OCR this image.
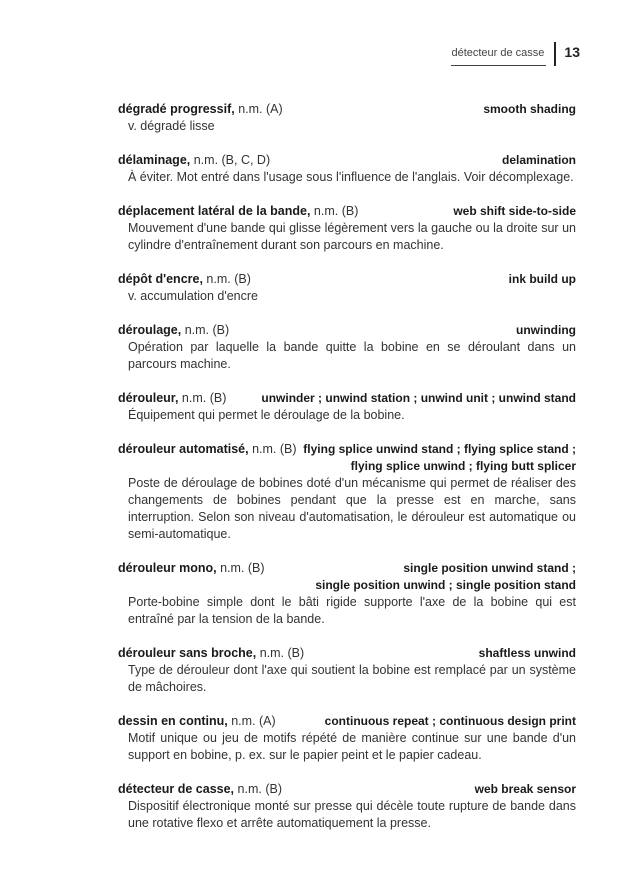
détecteur de casse 13
dégradé progressif, n.m. (A)	smooth shading
v. dégradé lisse
délaminage, n.m. (B, C, D)	delamination
À éviter. Mot entré dans l'usage sous l'influence de l'anglais. Voir décomplexage.
déplacement latéral de la bande, n.m. (B)	web shift side-to-side
Mouvement d'une bande qui glisse légèrement vers la gauche ou la droite sur un cylindre d'entraînement durant son parcours en machine.
dépôt d'encre, n.m. (B)	ink build up
v. accumulation d'encre
déroulage, n.m. (B)	unwinding
Opération par laquelle la bande quitte la bobine en se déroulant dans un parcours machine.
dérouleur, n.m. (B)	unwinder ; unwind station ; unwind unit ; unwind stand
Équipement qui permet le déroulage de la bobine.
dérouleur automatisé, n.m. (B) flying splice unwind stand ; flying splice stand ;
flying splice unwind ; flying butt splicer
Poste de déroulage de bobines doté d'un mécanisme qui permet de réaliser des changements de bobines pendant que la presse est en marche, sans interruption. Selon son niveau d'automatisation, le dérouleur est automatique ou semi-automatique.
dérouleur mono, n.m. (B)	single position unwind stand ;
single position unwind ; single position stand
Porte-bobine simple dont le bâti rigide supporte l'axe de la bobine qui est entraîné par la tension de la bande.
dérouleur sans broche, n.m. (B)	shaftless unwind
Type de dérouleur dont l'axe qui soutient la bobine est remplacé par un système de mâchoires.
dessin en continu, n.m. (A)	continuous repeat ; continuous design print
Motif unique ou jeu de motifs répété de manière continue sur une bande d'un support en bobine, p. ex. sur le papier peint et le papier cadeau.
détecteur de casse, n.m. (B)	web break sensor
Dispositif électronique monté sur presse qui décèle toute rupture de bande dans une rotative flexo et arrête automatiquement la presse.
